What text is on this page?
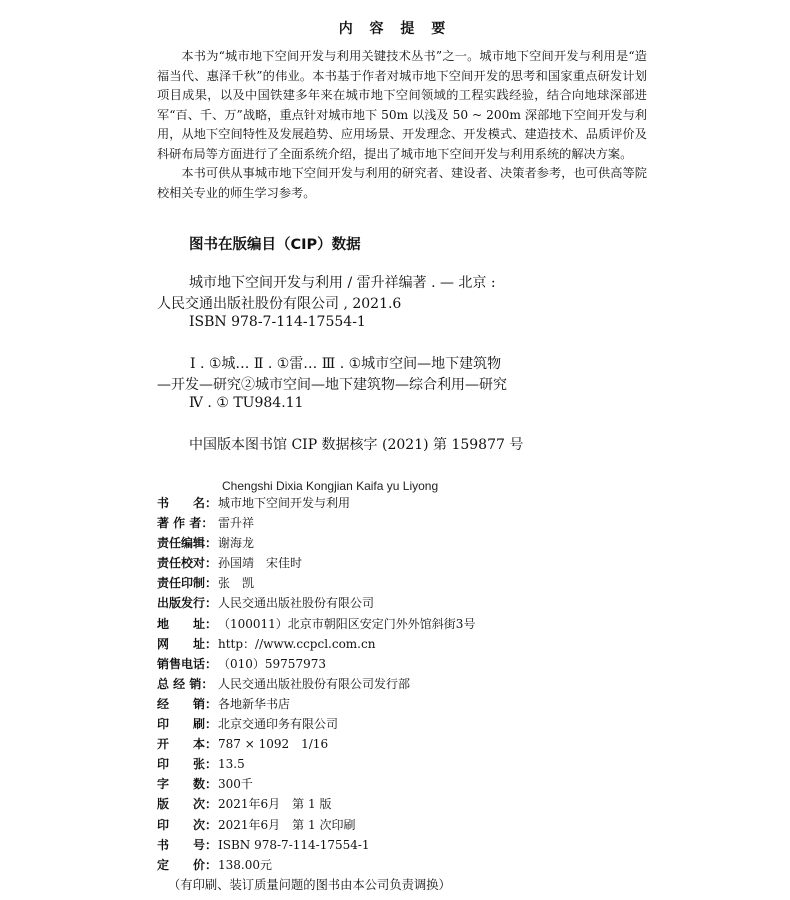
内 容 提 要

本书为“城市地下空间开发与利用关键技术丛书”之一。城市地下空间开发与利用是“造福当代、惠泽千秋”的伟业。本书基于作者对城市地下空间开发的思考和国家重点研发计划项目成果，以及中国铁建多年来在城市地下空间领域的工程实践经验，结合向地球深部进军“百、千、万”战略，重点针对城市地下 50m 以浅及 50 ~ 200m 深部地下空间开发与利用，从地下空间特性及发展趋势、应用场景、开发理念、开发模式、建造技术、品质评价及科研布局等方面进行了全面系统介绍，提出了城市地下空间开发与利用系统的解决方案。

本书可供从事城市地下空间开发与利用的研究者、建设者、决策者参考，也可供高等院校相关专业的师生学习参考。

图书在版编目（CIP）数据

城市地下空间开发与利用 / 雷升祥编著 . — 北京 :

人民交通出版社股份有限公司 , 2021.6

ISBN 978-7-114-17554-1

Ⅰ . ①城… Ⅱ . ①雷… Ⅲ . ①城市空间—地下建筑物

—开发—研究②城市空间—地下建筑物—综合利用—研究

Ⅳ . ① TU984.11

中国版本图书馆 CIP 数据核字 (2021) 第 159877 号

Chengshi Dixia Kongjian Kaifa yu Liyong

书　　名： 城市地下空间开发与利用
著 作 者： 雷升祥
责任编辑： 谢海龙
责任校对： 孙国靖　宋佳时
责任印制： 张　凯
出版发行： 人民交通出版社股份有限公司
地　　址： （100011）北京市朝阳区安定门外外馆斜街3号
网　　址： http：//www.ccpcl.com.cn
销售电话： （010）59757973
总 经 销： 人民交通出版社股份有限公司发行部
经　　销： 各地新华书店
印　　刷： 北京交通印务有限公司
开　　本： 787 × 1092　1/16
印　　张： 13.5
字　　数： 300千
版　　次： 2021年6月　第 1 版
印　　次： 2021年6月　第 1 次印刷
书　　号： ISBN 978-7-114-17554-1
定　　价： 138.00元

（有印刷、装订质量问题的图书由本公司负责调换）
